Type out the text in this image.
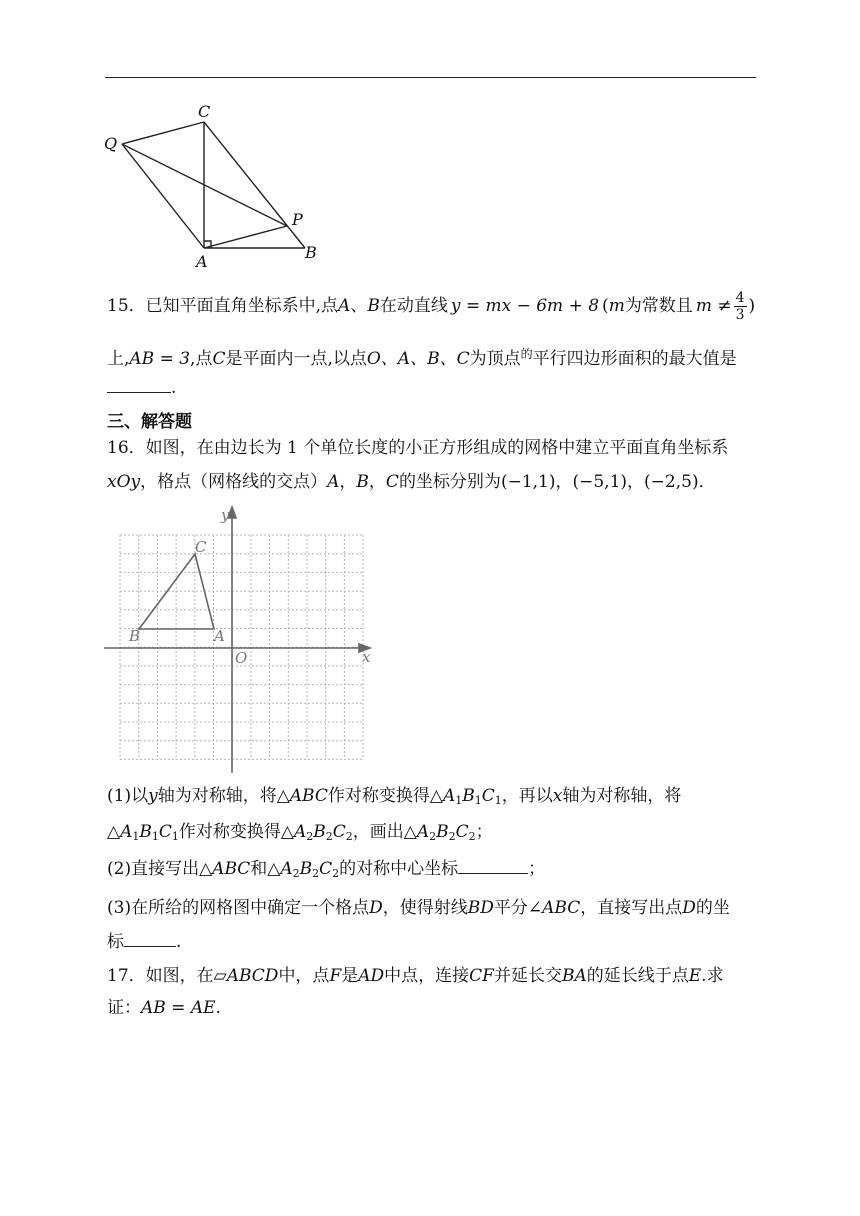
Q
C
P
A	B
15．已知平面直角坐标系中,点A、B在动直线 y = mx − 6m + 8 (m为常数且 $m \ne \frac{4}{3}$ )
上,AB = 3,点C是平面内一点,以点O、A、B、C为顶点$^的$平行四边形面积的最大值是
.
三、解答题
16．如图，在由边长为 1 个单位长度的小正方形组成的网格中建立平面直角坐标系
xOy，格点（网格线的交点）A，B，C的坐标分别为(−1,1)，(−5,1)，(−2,5)．
y
x
O
A
B
C
(1)以y轴为对称轴，将△ABC作对称变换得$\triangle A_1B_1C_1$，再以x轴为对称轴，将
$\triangle A_1B_1C_1$作对称变换得$\triangle A_2B_2C_2$，画出$\triangle A_2B_2C_2$；
(2)直接写出△ABC和$\triangle A_2B_2C_2$的对称中心坐标	；
(3)在所给的网格图中确定一个格点D，使得射线BD平分∠ABC，直接写出点D的坐
标	.
17．如图，在▱ABCD中，点F是AD中点，连接CF并延长交BA的延长线于点E.求
证：AB = AE.
